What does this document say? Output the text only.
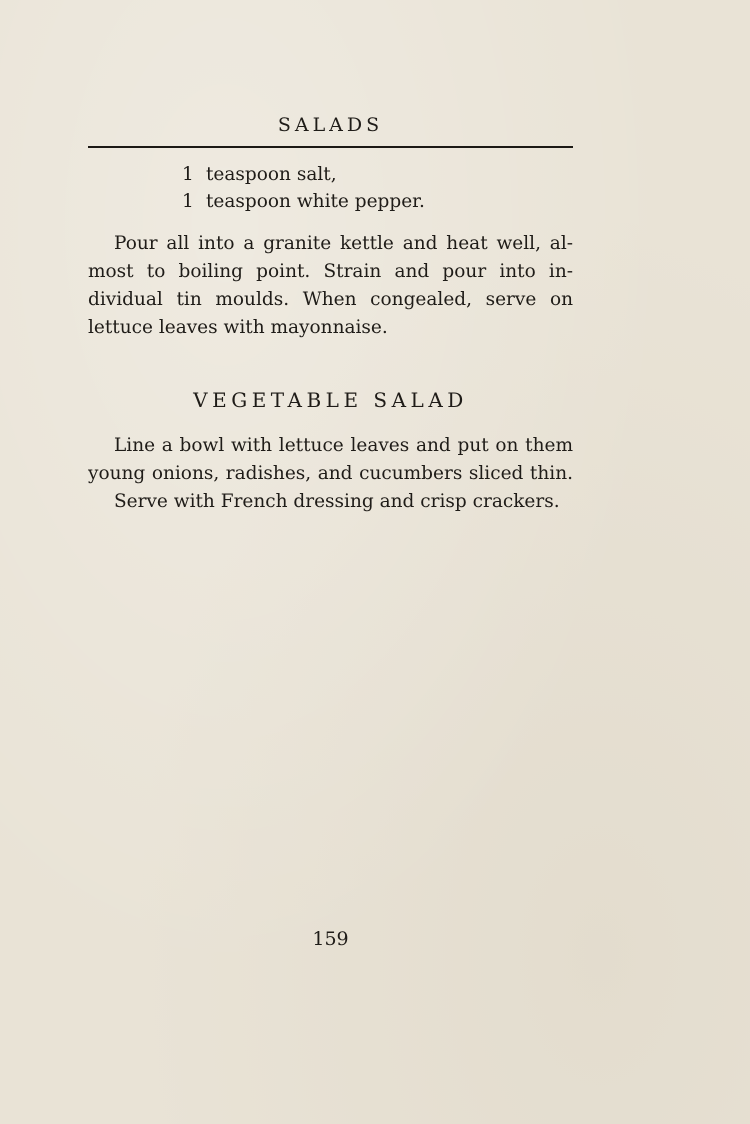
SALADS
1 teaspoon salt,
1 teaspoon white pepper.
Pour all into a granite kettle and heat well, al-
most to boiling point. Strain and pour into in-
dividual tin moulds. When congealed, serve on
lettuce leaves with mayonnaise.
VEGETABLE SALAD
Line a bowl with lettuce leaves and put on them
young onions, radishes, and cucumbers sliced thin.
Serve with French dressing and crisp crackers.
159
